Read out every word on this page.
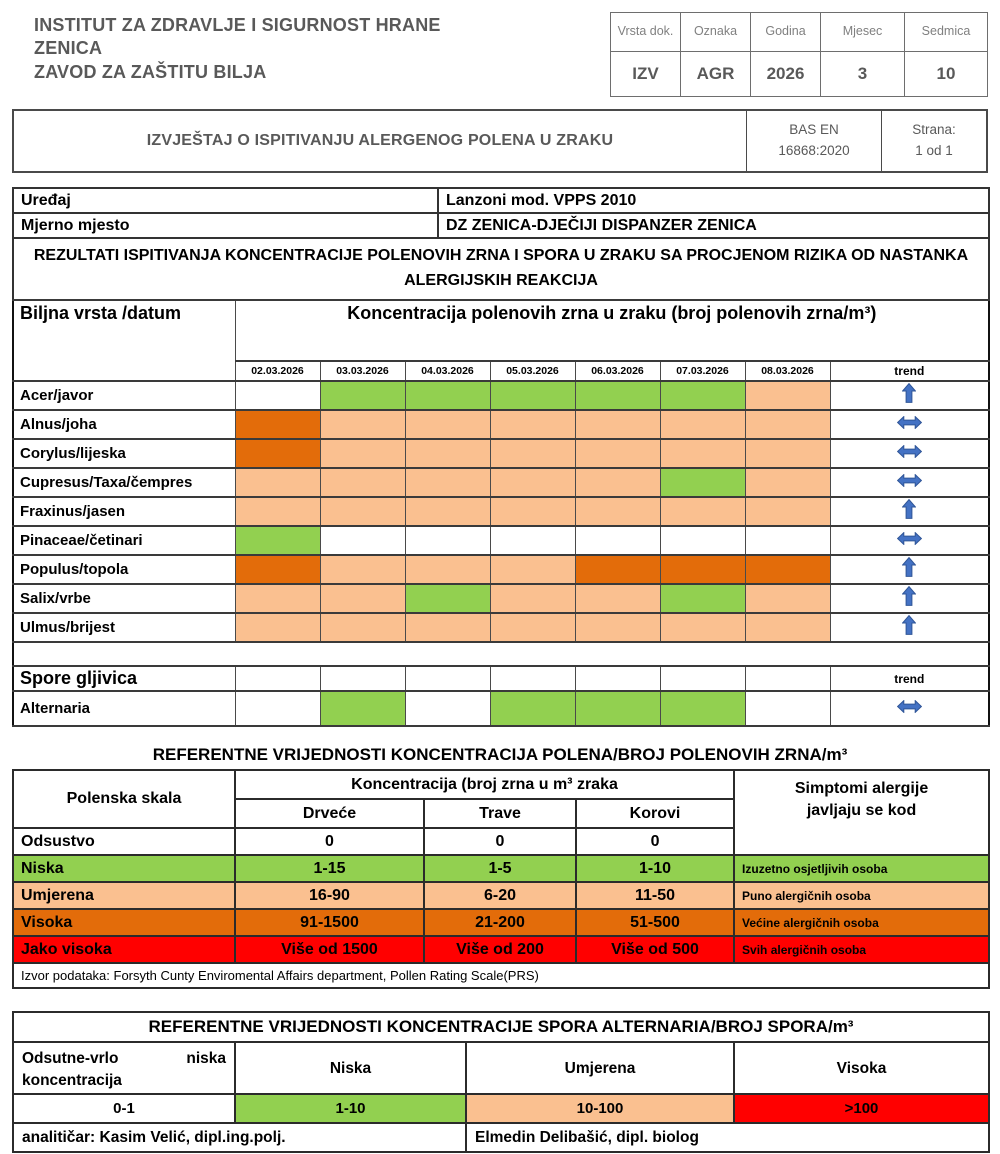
INSTITUT ZA ZDRAVLJE I SIGURNOST HRANE
ZENICA
ZAVOD ZA ZAŠTITU BILJA
Vrsta dok.	Oznaka	Godina	Mjesec	Sedmica
IZV	AGR	2026	3	10
IZVJEŠTAJ O ISPITIVANJU ALERGENOG POLENA U ZRAKU
BAS EN
16868:2020
Strana:
1 od 1
Uređaj	Lanzoni mod. VPPS 2010
Mjerno mjesto	DZ ZENICA-DJEČIJI DISPANZER ZENICA
REZULTATI ISPITIVANJA KONCENTRACIJE POLENOVIH ZRNA I SPORA U ZRAKU SA PROCJENOM RIZIKA OD NASTANKA ALERGIJSKIH REAKCIJA	
Biljna vrsta /datum	Koncentracija polenovih zrna u zraku (broj polenovih zrna/m³)							
	02.03.2026	03.03.2026	04.03.2026	05.03.2026	06.03.2026	07.03.2026	08.03.2026	trend
Acer/javor								
Alnus/joha								
Corylus/lijeska								
Cupresus/Taxa/čempres								
Fraxinus/jasen								
Pinaceae/četinari								
Populus/topola								
Salix/vrbe								
Ulmus/brijest								

Spore gljivica								trend
Alternaria								
REFERENTNE VRIJEDNOSTI KONCENTRACIJA POLENA/BROJ POLENOVIH ZRNA/m³
Polenska skala	Koncentracija (broj zrna u m³ zraka			Simptomi alergije
javljaju se kod

	Drveće	Trave	Korovi	
Odsustvo	0	0	0	
Niska	1-15	1-5	1-10	Izuzetno osjetljivih osoba
Umjerena	16-90	6-20	11-50	Puno alergičnih osoba
Visoka	91-1500	21-200	51-500	Većine alergičnih osoba
Jako visoka	Više od 1500	Više od 200	Više od 500	Svih alergičnih osoba
Izvor podataka: Forsyth Cunty Enviromental Affairs department, Pollen Rating Scale(PRS)				
REFERENTNE VRIJEDNOSTI KONCENTRACIJE SPORA ALTERNARIA/BROJ SPORA/m³			
Odsutne-vrlo niska koncentracija	Niska	Umjerena	Visoka
0-1	1-10	10-100	>100
analitičar: Kasim Velić, dipl.ing.polj.		Elmedin Delibašić, dipl. biolog	
